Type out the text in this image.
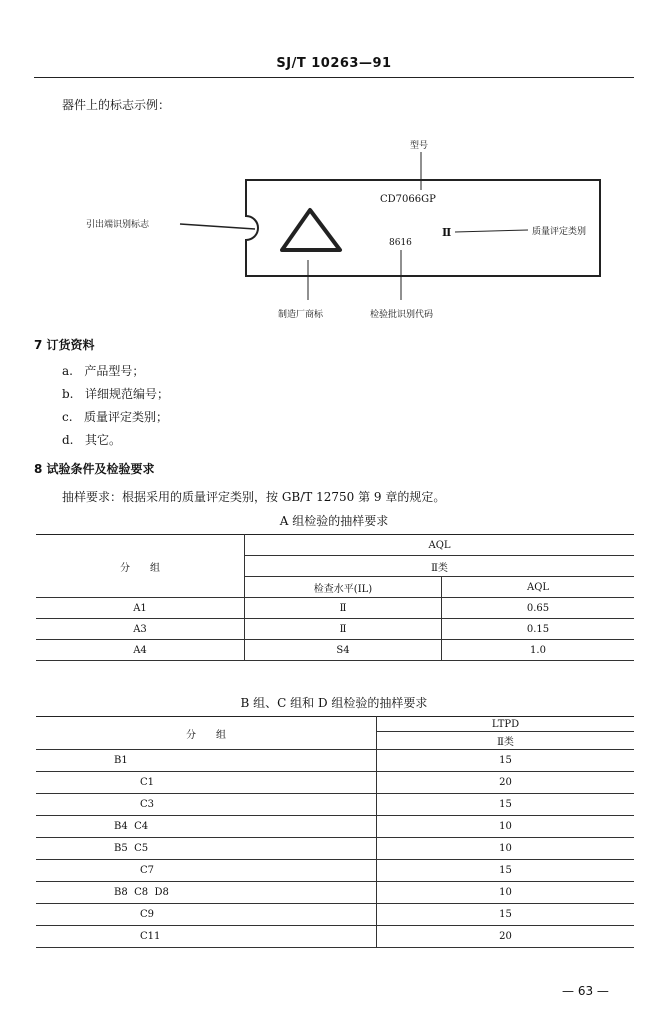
SJ/T 10263—91
器件上的标志示例：
型号
CD7066GP
引出端识别标志
Ⅱ	质量评定类别
8616
制造厂商标	检验批识别代码
7 订货资料
a. 产品型号；
b. 详细规范编号；
c. 质量评定类别；
d. 其它。
8 试验条件及检验要求
抽样要求：根据采用的质量评定类别，按 GB/T 12750 第 9 章的规定。
A 组检验的抽样要求
分　　组	AQL	
	Ⅱ类	
	检查水平(IL)	AQL
A1	Ⅱ	0.65
A3	Ⅱ	0.15
A4	S4	1.0
B 组、C 组和 D 组检验的抽样要求
分　　组	LTPD
	Ⅱ类
B1	15
C1	20
C3	15
B4  C4	10
B5  C5	10
C7	15
B8  C8  D8	10
C9	15
C11	20
— 63 —
